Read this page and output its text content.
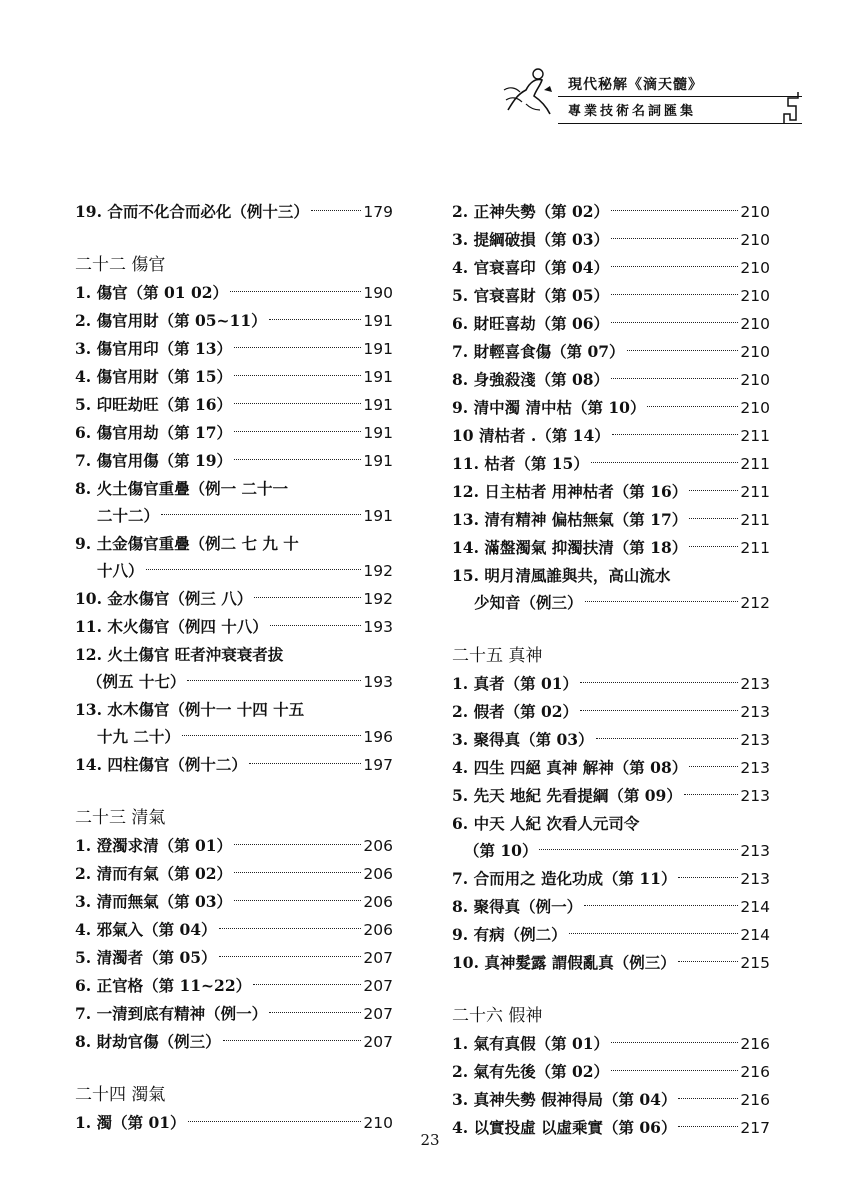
現代秘解《滴天髓》
專業技術名詞匯集
19. 合而不化合而必化（例十三）	179
二十二 傷官
1. 傷官（第 01 02）	190
2. 傷官用財（第 05~11）	191
3. 傷官用印（第 13）	191
4. 傷官用財（第 15）	191
5. 印旺劫旺（第 16）	191
6. 傷官用劫（第 17）	191
7. 傷官用傷（第 19）	191
8. 火土傷官重疊（例一 二十一
二十二）	191
9. 土金傷官重疊（例二 七 九 十
十八）	192
10. 金水傷官（例三 八）	192
11. 木火傷官（例四 十八）	193
12. 火土傷官 旺者沖衰衰者拔
（例五 十七）	193
13. 水木傷官（例十一 十四 十五
十九 二十）	196
14. 四柱傷官（例十二）	197
二十三 清氣
1. 澄濁求清（第 01）	206
2. 清而有氣（第 02）	206
3. 清而無氣（第 03）	206
4. 邪氣入（第 04）	206
5. 清濁者（第 05）	207
6. 正官格（第 11~22）	207
7. 一清到底有精神（例一）	207
8. 財劫官傷（例三）	207
二十四 濁氣
1. 濁（第 01）	210
2. 正神失勢（第 02）	210
3. 提綱破損（第 03）	210
4. 官衰喜印（第 04）	210
5. 官衰喜財（第 05）	210
6. 財旺喜劫（第 06）	210
7. 財輕喜食傷（第 07）	210
8. 身強殺淺（第 08）	210
9. 清中濁 清中枯（第 10）	210
10 清枯者 .（第 14）	211
11. 枯者（第 15）	211
12. 日主枯者 用神枯者（第 16）	211
13. 清有精神 偏枯無氣（第 17）	211
14. 滿盤濁氣 抑濁扶清（第 18）	211
15. 明月清風誰與共，高山流水
少知音（例三）	212
二十五 真神
1. 真者（第 01）	213
2. 假者（第 02）	213
3. 聚得真（第 03）	213
4. 四生 四絕 真神 解神（第 08）	213
5. 先天 地紀 先看提綱（第 09）	213
6. 中天 人紀 次看人元司令
（第 10）	213
7. 合而用之 造化功成（第 11）	213
8. 聚得真（例一）	214
9. 有病（例二）	214
10. 真神髮露 謂假亂真（例三）	215
二十六 假神
1. 氣有真假（第 01）	216
2. 氣有先後（第 02）	216
3. 真神失勢 假神得局（第 04）	216
4. 以實投虛 以虛乘實（第 06）	217
23
